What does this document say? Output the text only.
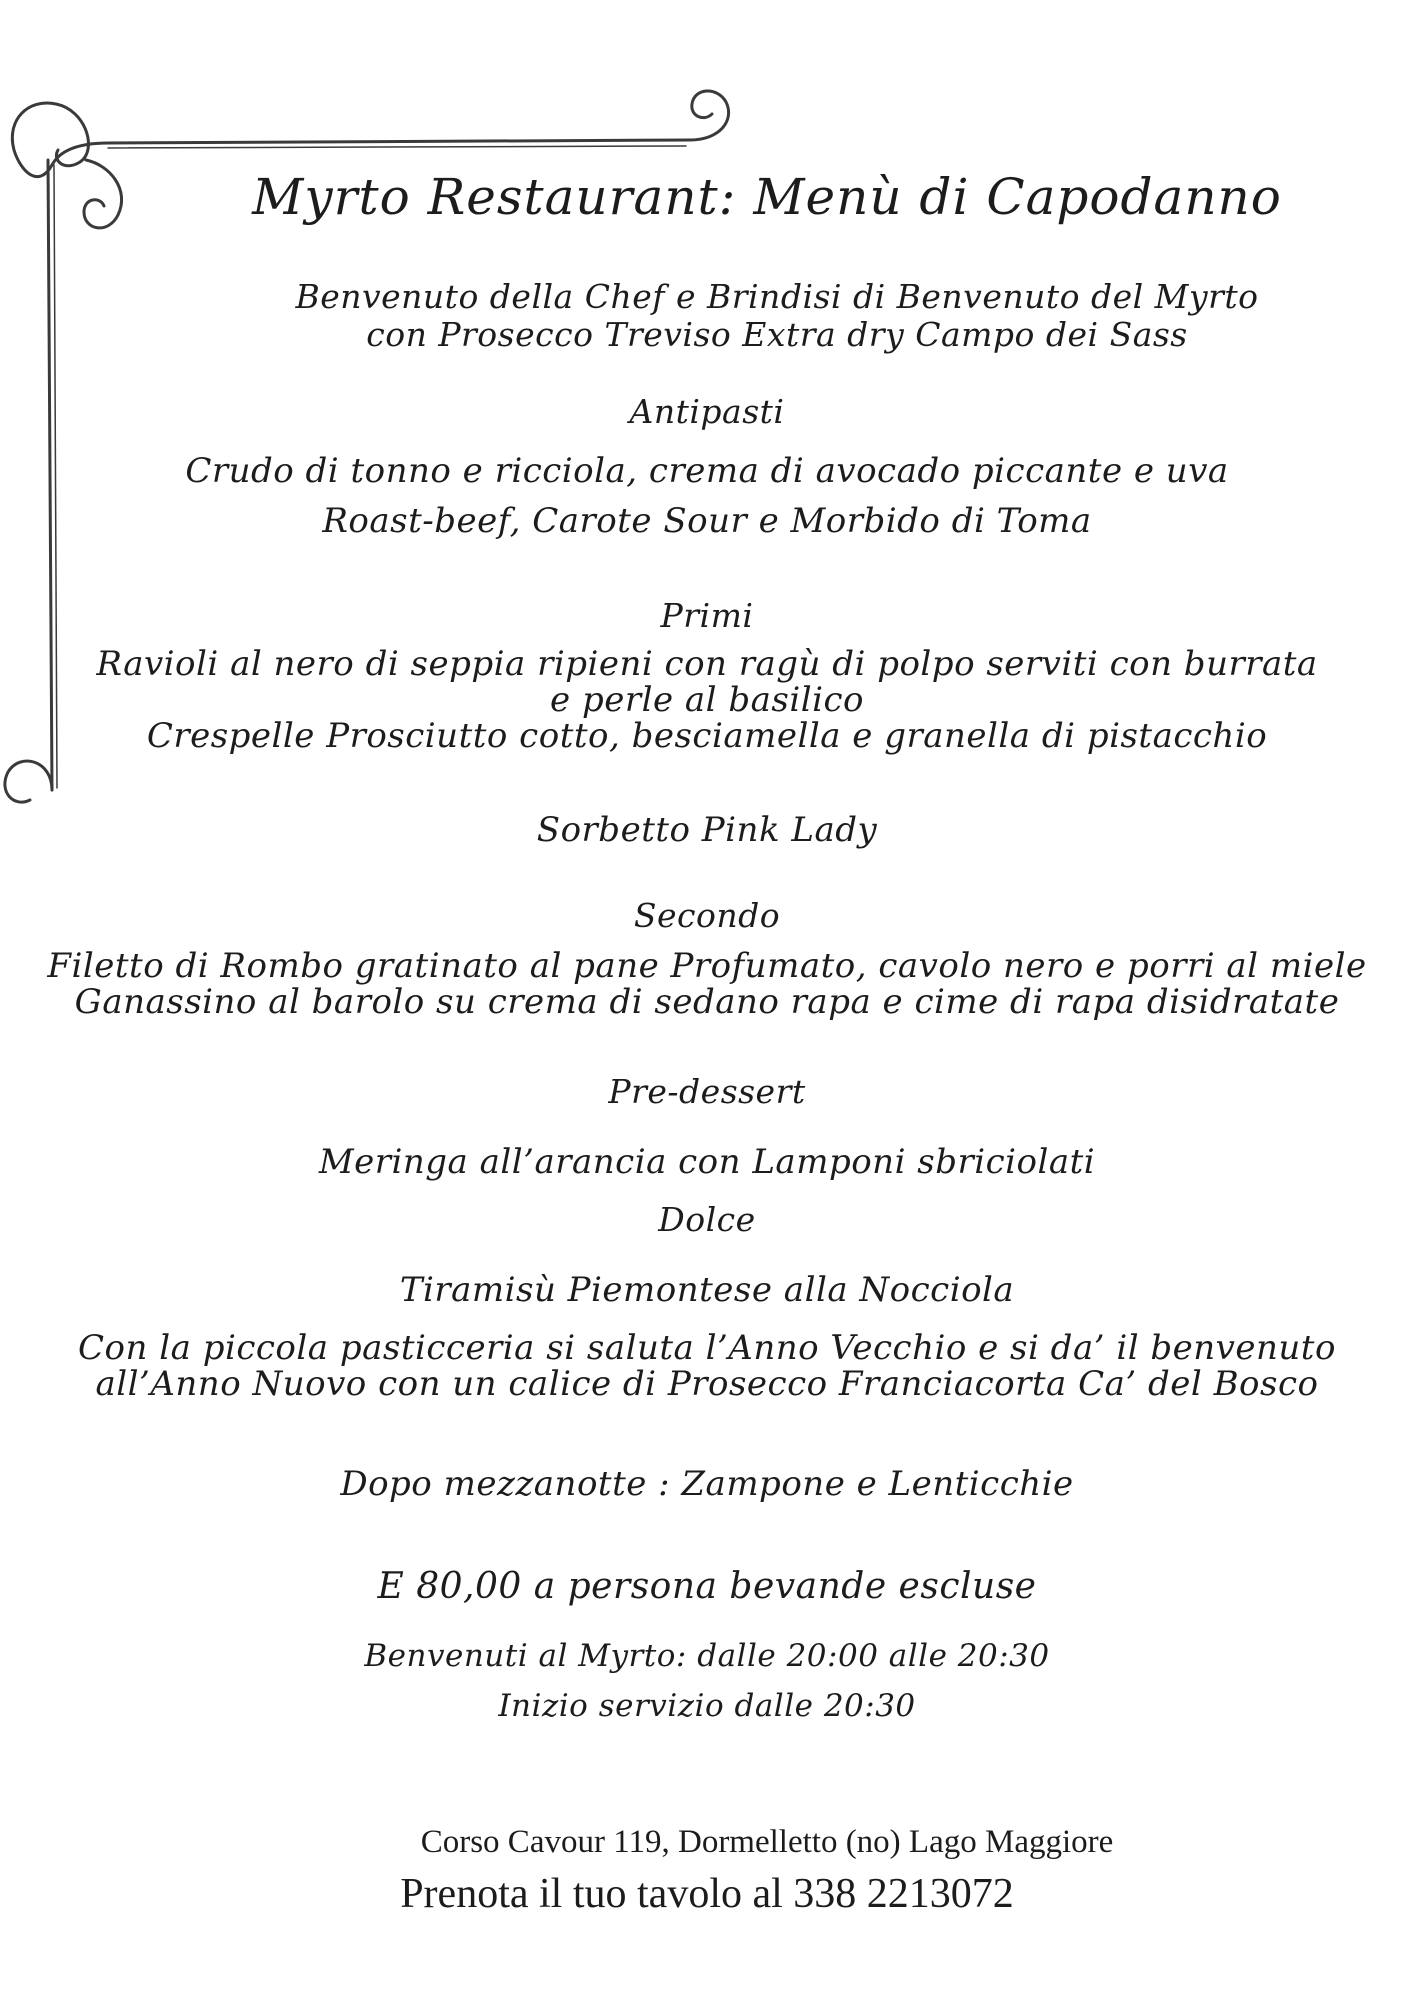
Myrto Restaurant: Menù di Capodanno
Benvenuto della Chef e Brindisi di Benvenuto del Myrto
con Prosecco Treviso Extra dry Campo dei Sass
Antipasti
Crudo di tonno e ricciola, crema di avocado piccante e uva
Roast-beef, Carote Sour e Morbido di Toma
Primi
Ravioli al nero di seppia ripieni con ragù di polpo serviti con burrata
e perle al basilico
Crespelle Prosciutto cotto, besciamella e granella di pistacchio
Sorbetto Pink Lady
Secondo
Filetto di Rombo gratinato al pane Profumato, cavolo nero e porri al miele
Ganassino al barolo su crema di sedano rapa e cime di rapa disidratate
Pre-dessert
Meringa all’arancia con Lamponi sbriciolati
Dolce
Tiramisù Piemontese alla Nocciola
Con la piccola pasticceria si saluta l’Anno Vecchio e si da’ il benvenuto
all’Anno Nuovo con un calice di Prosecco Franciacorta Ca’ del Bosco
Dopo mezzanotte : Zampone e Lenticchie
E 80,00 a persona bevande escluse
Benvenuti al Myrto: dalle 20:00 alle 20:30
Inizio servizio dalle 20:30
Corso Cavour 119, Dormelletto (no) Lago Maggiore
Prenota il tuo tavolo al 338 2213072
